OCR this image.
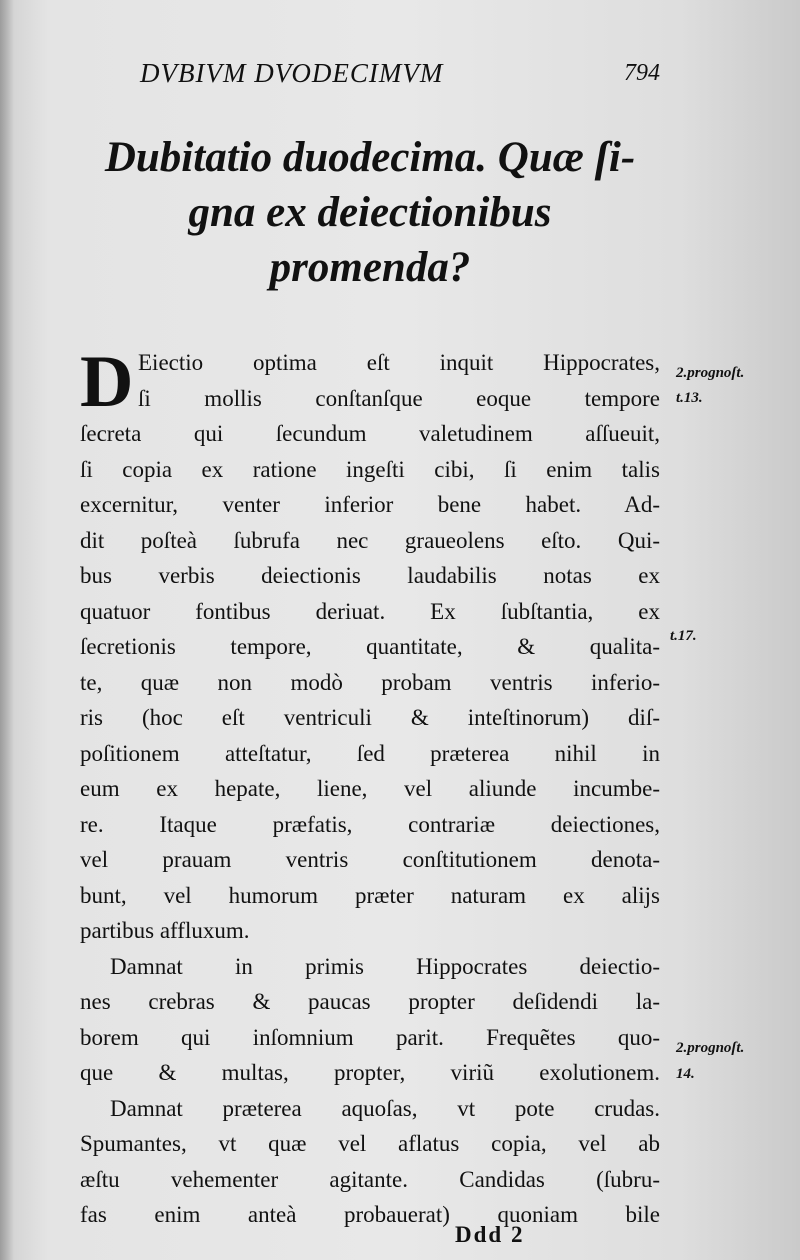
DVBIVM DVODECIMVM	794
Dubitatio duodecima. Quæ ſi-
gna ex deiectionibus
promenda?
D Eiectio optima eſt inquit Hippocrates,
ſi mollis conſtanſque eoque tempore
ſecreta qui ſecundum valetudinem aſſueuit,
ſi copia ex ratione ingeſti cibi, ſi enim talis
excernitur, venter inferior bene habet. Ad-
dit poſteà ſubrufa nec graueolens eſto. Qui-
bus verbis deiectionis laudabilis notas ex
quatuor fontibus deriuat. Ex ſubſtantia, ex
ſecretionis tempore, quantitate, & qualita-
te, quæ non modò probam ventris inferio-
ris (hoc eſt ventriculi & inteſtinorum) diſ-
poſitionem atteſtatur, ſed præterea nihil in
eum ex hepate, liene, vel aliunde incumbe-
re. Itaque præfatis, contrariæ deiectiones,
vel prauam ventris conſtitutionem denota-
bunt, vel humorum præter naturam ex alijs
partibus affluxum.
Damnat in primis Hippocrates deiectio-
nes crebras & paucas propter deſidendi la-
borem qui inſomnium parit. Frequẽtes quo-
que & multas, propter, viriũ exolutionem.
Damnat præterea aquoſas, vt pote crudas.
Spumantes, vt quæ vel aflatus copia, vel ab
æſtu vehementer agitante. Candidas (ſubru-
fas enim anteà probauerat) quoniam bile
2.prognoſt.
t.13.
t.17.
2.prognoſt.
14.
Ddd 2
